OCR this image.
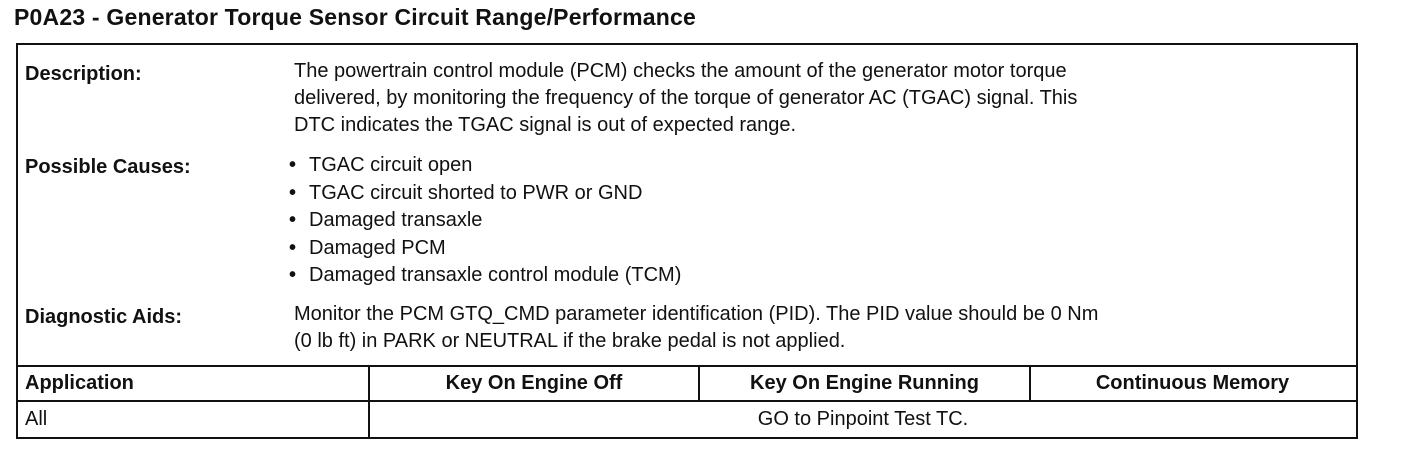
P0A23 - Generator Torque Sensor Circuit Range/Performance
Description:	The powertrain control module (PCM) checks the amount of the generator motor torque
delivered, by monitoring the frequency of the torque of generator AC (TGAC) signal. This
DTC indicates the TGAC signal is out of expected range.
Possible Causes:	• TGAC circuit open
• TGAC circuit shorted to PWR or GND
• Damaged transaxle
• Damaged PCM
• Damaged transaxle control module (TCM)
Diagnostic Aids:	Monitor the PCM GTQ_CMD parameter identification (PID). The PID value should be 0 Nm
(0 lb ft) in PARK or NEUTRAL if the brake pedal is not applied.
Application	Key On Engine Off	Key On Engine Running	Continuous Memory
All	GO to Pinpoint Test TC.
